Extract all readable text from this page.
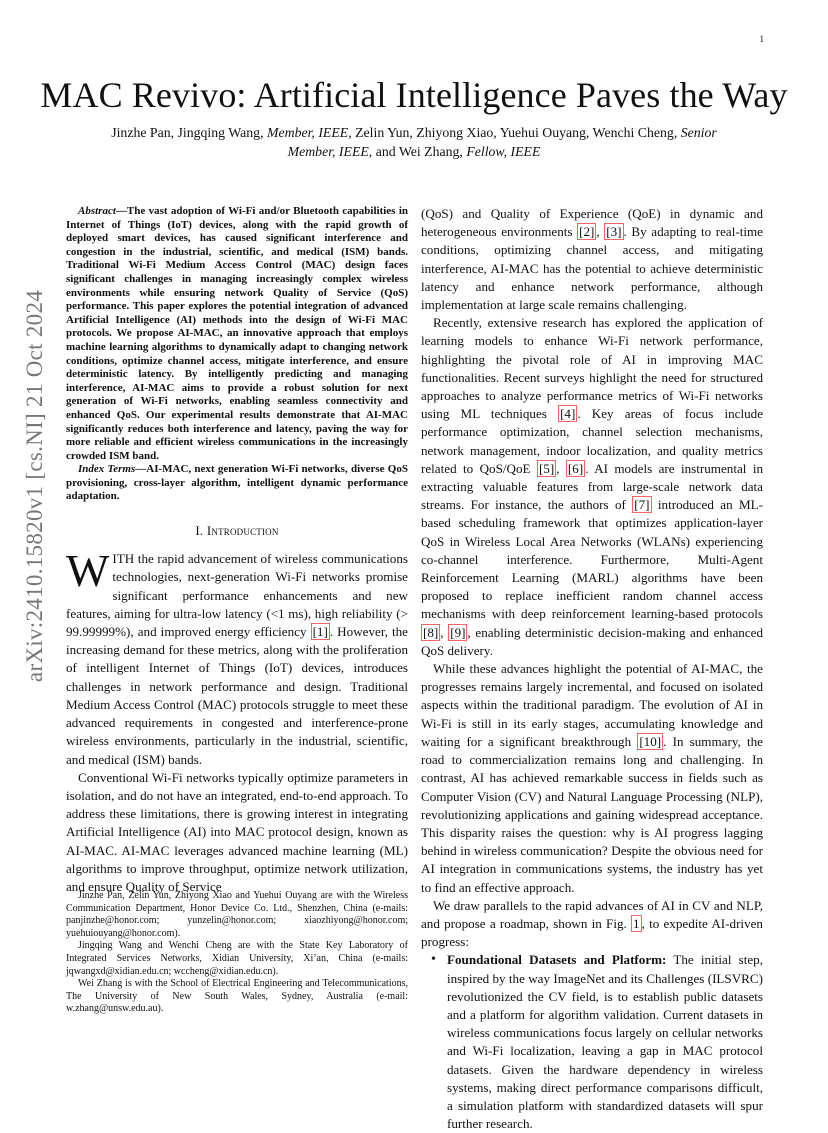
1
MAC Revivo: Artificial Intelligence Paves the Way
Jinzhe Pan, Jingqing Wang, Member, IEEE, Zelin Yun, Zhiyong Xiao, Yuehui Ouyang, Wenchi Cheng, Senior
Member, IEEE, and Wei Zhang, Fellow, IEEE
arXiv:2410.15820v1 [cs.NI] 21 Oct 2024

Abstract—The vast adoption of Wi-Fi and/or Bluetooth capabilities in Internet of Things (IoT) devices, along with the rapid growth of deployed smart devices, has caused significant interference and congestion in the industrial, scientific, and medical (ISM) bands. Traditional Wi-Fi Medium Access Control (MAC) design faces significant challenges in managing increasingly complex wireless environments while ensuring network Quality of Service (QoS) performance. This paper explores the potential integration of advanced Artificial Intelligence (AI) methods into the design of Wi-Fi MAC protocols. We propose AI-MAC, an innovative approach that employs machine learning algorithms to dynamically adapt to changing network conditions, optimize channel access, mitigate interference, and ensure deterministic latency. By intelligently predicting and managing interference, AI-MAC aims to provide a robust solution for next generation of Wi-Fi networks, enabling seamless connectivity and enhanced QoS. Our experimental results demonstrate that AI-MAC significantly reduces both interference and latency, paving the way for more reliable and efficient wireless communications in the increasingly crowded ISM band.

Index Terms—AI-MAC, next generation Wi-Fi networks, diverse QoS provisioning, cross-layer algorithm, intelligent dynamic performance adaptation.

I. Introduction

WITH the rapid advancement of wireless communications technologies, next-generation Wi-Fi networks promise significant performance enhancements and new features, aiming for ultra-low latency (<1 ms), high reliability (> 99.99999%), and improved energy efficiency [1] . However, the increasing demand for these metrics, along with the proliferation of intelligent Internet of Things (IoT) devices, introduces challenges in network performance and design. Traditional Medium Access Control (MAC) protocols struggle to meet these advanced requirements in congested and interference-prone wireless environments, particularly in the industrial, scientific, and medical (ISM) bands.

Conventional Wi-Fi networks typically optimize parameters in isolation, and do not have an integrated, end-to-end approach. To address these limitations, there is growing interest in integrating Artificial Intelligence (AI) into MAC protocol design, known as AI-MAC. AI-MAC leverages advanced machine learning (ML) algorithms to improve throughput, optimize network utilization, and ensure Quality of Service

Jinzhe Pan, Zelin Yun, Zhiyong Xiao and Yuehui Ouyang are with the Wireless Communication Department, Honor Device Co. Ltd., Shenzhen, China (e-mails: panjinzhe@honor.com; yunzelin@honor.com; xiaozhiyong@honor.com; yuehuiouyang@honor.com).

Jingqing Wang and Wenchi Cheng are with the State Key Laboratory of Integrated Services Networks, Xidian University, Xi’an, China (e-mails: jqwangxd@xidian.edu.cn; wccheng@xidian.edu.cn).

Wei Zhang is with the School of Electrical Engineering and Telecommunications, The University of New South Wales, Sydney, Australia (e-mail: w.zhang@unsw.edu.au).

(QoS) and Quality of Experience (QoE) in dynamic and heterogeneous environments [2] , [3] . By adapting to real-time conditions, optimizing channel access, and mitigating interference, AI-MAC has the potential to achieve deterministic latency and enhance network performance, although implementation at large scale remains challenging.

Recently, extensive research has explored the application of learning models to enhance Wi-Fi network performance, highlighting the pivotal role of AI in improving MAC functionalities. Recent surveys highlight the need for structured approaches to analyze performance metrics of Wi-Fi networks using ML techniques [4] . Key areas of focus include performance optimization, channel selection mechanisms, network management, indoor localization, and quality metrics related to QoS/QoE [5] , [6] . AI models are instrumental in extracting valuable features from large-scale network data streams. For instance, the authors of [7] introduced an ML-based scheduling framework that optimizes application-layer QoS in Wireless Local Area Networks (WLANs) experiencing co-channel interference. Furthermore, Multi-Agent Reinforcement Learning (MARL) algorithms have been proposed to replace inefficient random channel access mechanisms with deep reinforcement learning-based protocols [8] , [9] , enabling deterministic decision-making and enhanced QoS delivery.

While these advances highlight the potential of AI-MAC, the progresses remains largely incremental, and focused on isolated aspects within the traditional paradigm. The evolution of AI in Wi-Fi is still in its early stages, accumulating knowledge and waiting for a significant breakthrough [10] . In summary, the road to commercialization remains long and challenging. In contrast, AI has achieved remarkable success in fields such as Computer Vision (CV) and Natural Language Processing (NLP), revolutionizing applications and gaining widespread acceptance. This disparity raises the question: why is AI progress lagging behind in wireless communication? Despite the obvious need for AI integration in communications systems, the industry has yet to find an effective approach.

We draw parallels to the rapid advances of AI in CV and NLP, and propose a roadmap, shown in Fig. 1 , to expedite AI-driven progress:

• Foundational Datasets and Platform: The initial step, inspired by the way ImageNet and its Challenges (ILSVRC) revolutionized the CV field, is to establish public datasets and a platform for algorithm validation. Current datasets in wireless communications focus largely on cellular networks and Wi-Fi localization, leaving a gap in MAC protocol datasets. Given the hardware dependency in wireless systems, making direct performance comparisons difficult, a simulation platform with standardized datasets will spur further research.
